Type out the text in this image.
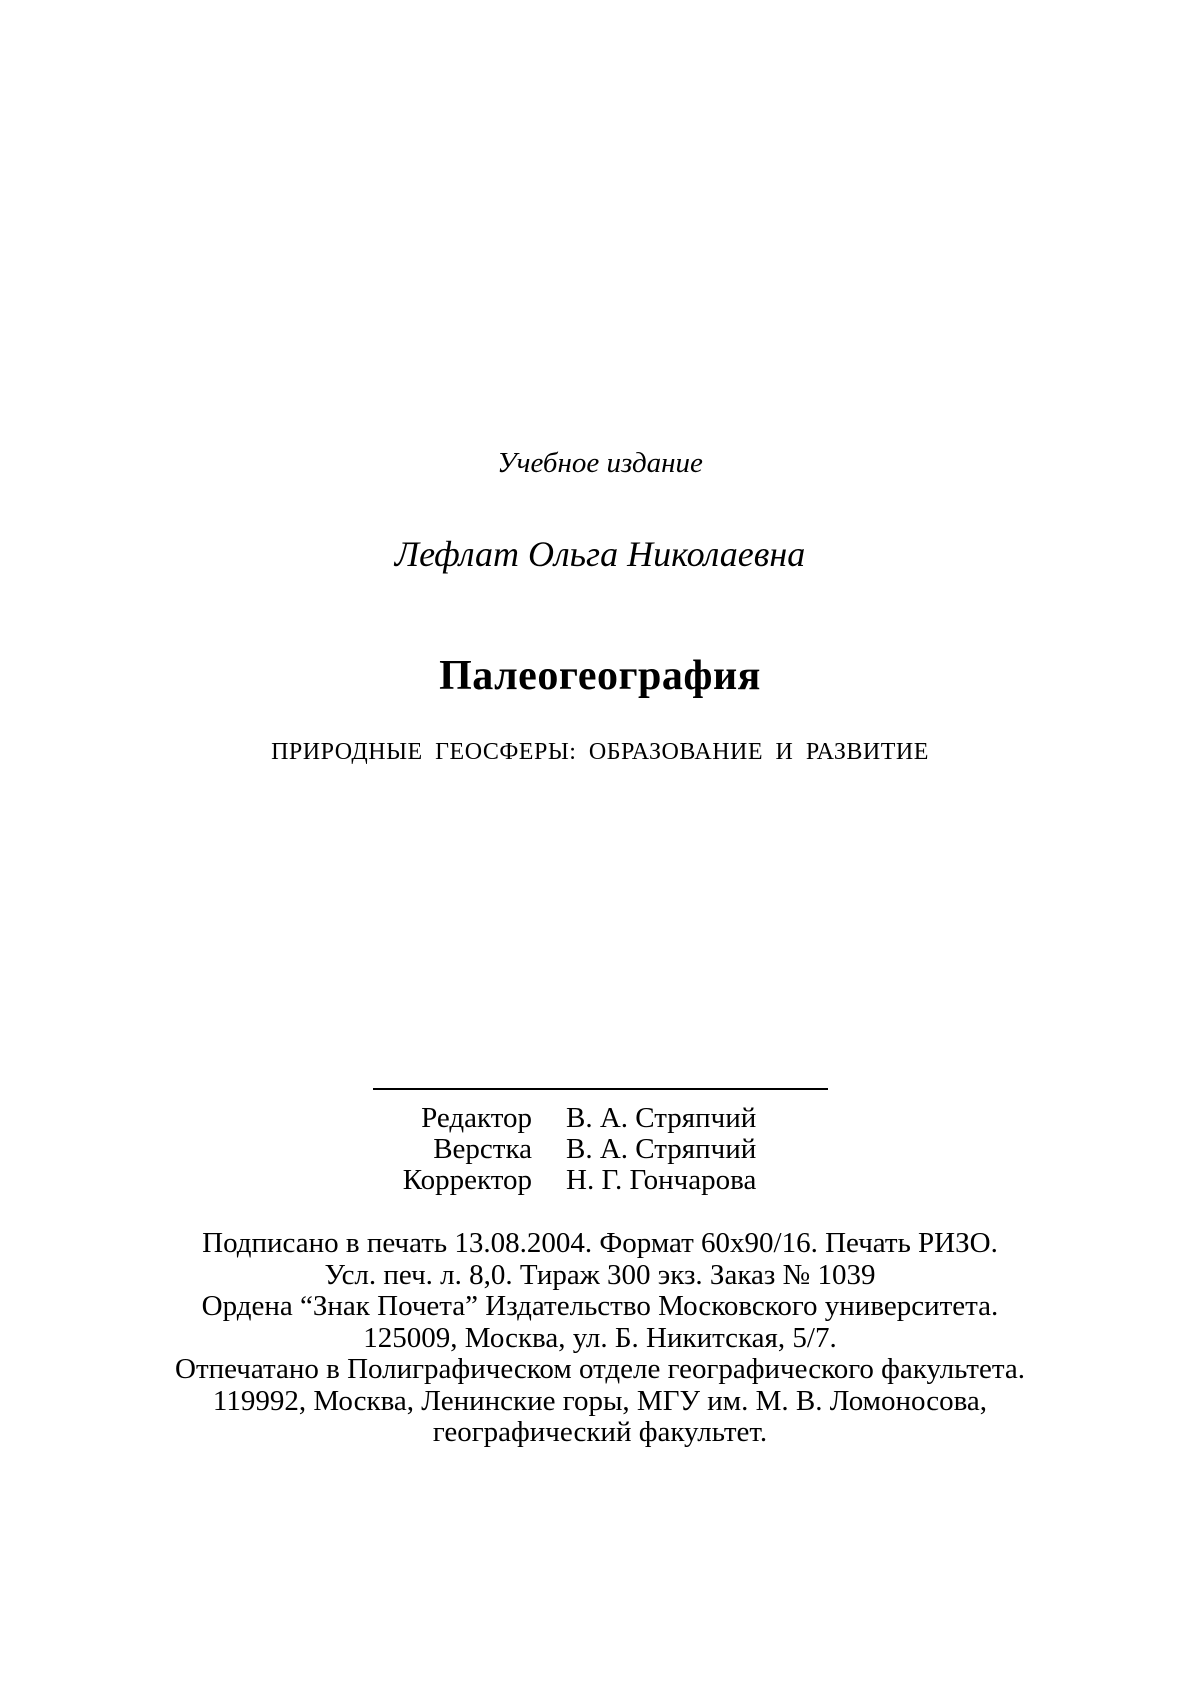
Учебное издание

Лефлат Ольга Николаевна

Палеогеография

ПРИРОДНЫЕ ГЕОСФЕРЫ: ОБРАЗОВАНИЕ И РАЗВИТИЕ

Редактор В. А. Стряпчий
Верстка В. А. Стряпчий
Корректор Н. Г. Гончарова

Подписано в печать 13.08.2004. Формат 60x90/16. Печать РИЗО.

Усл. печ. л. 8,0. Тираж 300 экз. Заказ № 1039

Ордена “Знак Почета” Издательство Московского университета.

125009, Москва, ул. Б. Никитская, 5/7.

Отпечатано в Полиграфическом отделе географического факультета.

119992, Москва, Ленинские горы, МГУ им. М. В. Ломоносова,

географический факультет.
